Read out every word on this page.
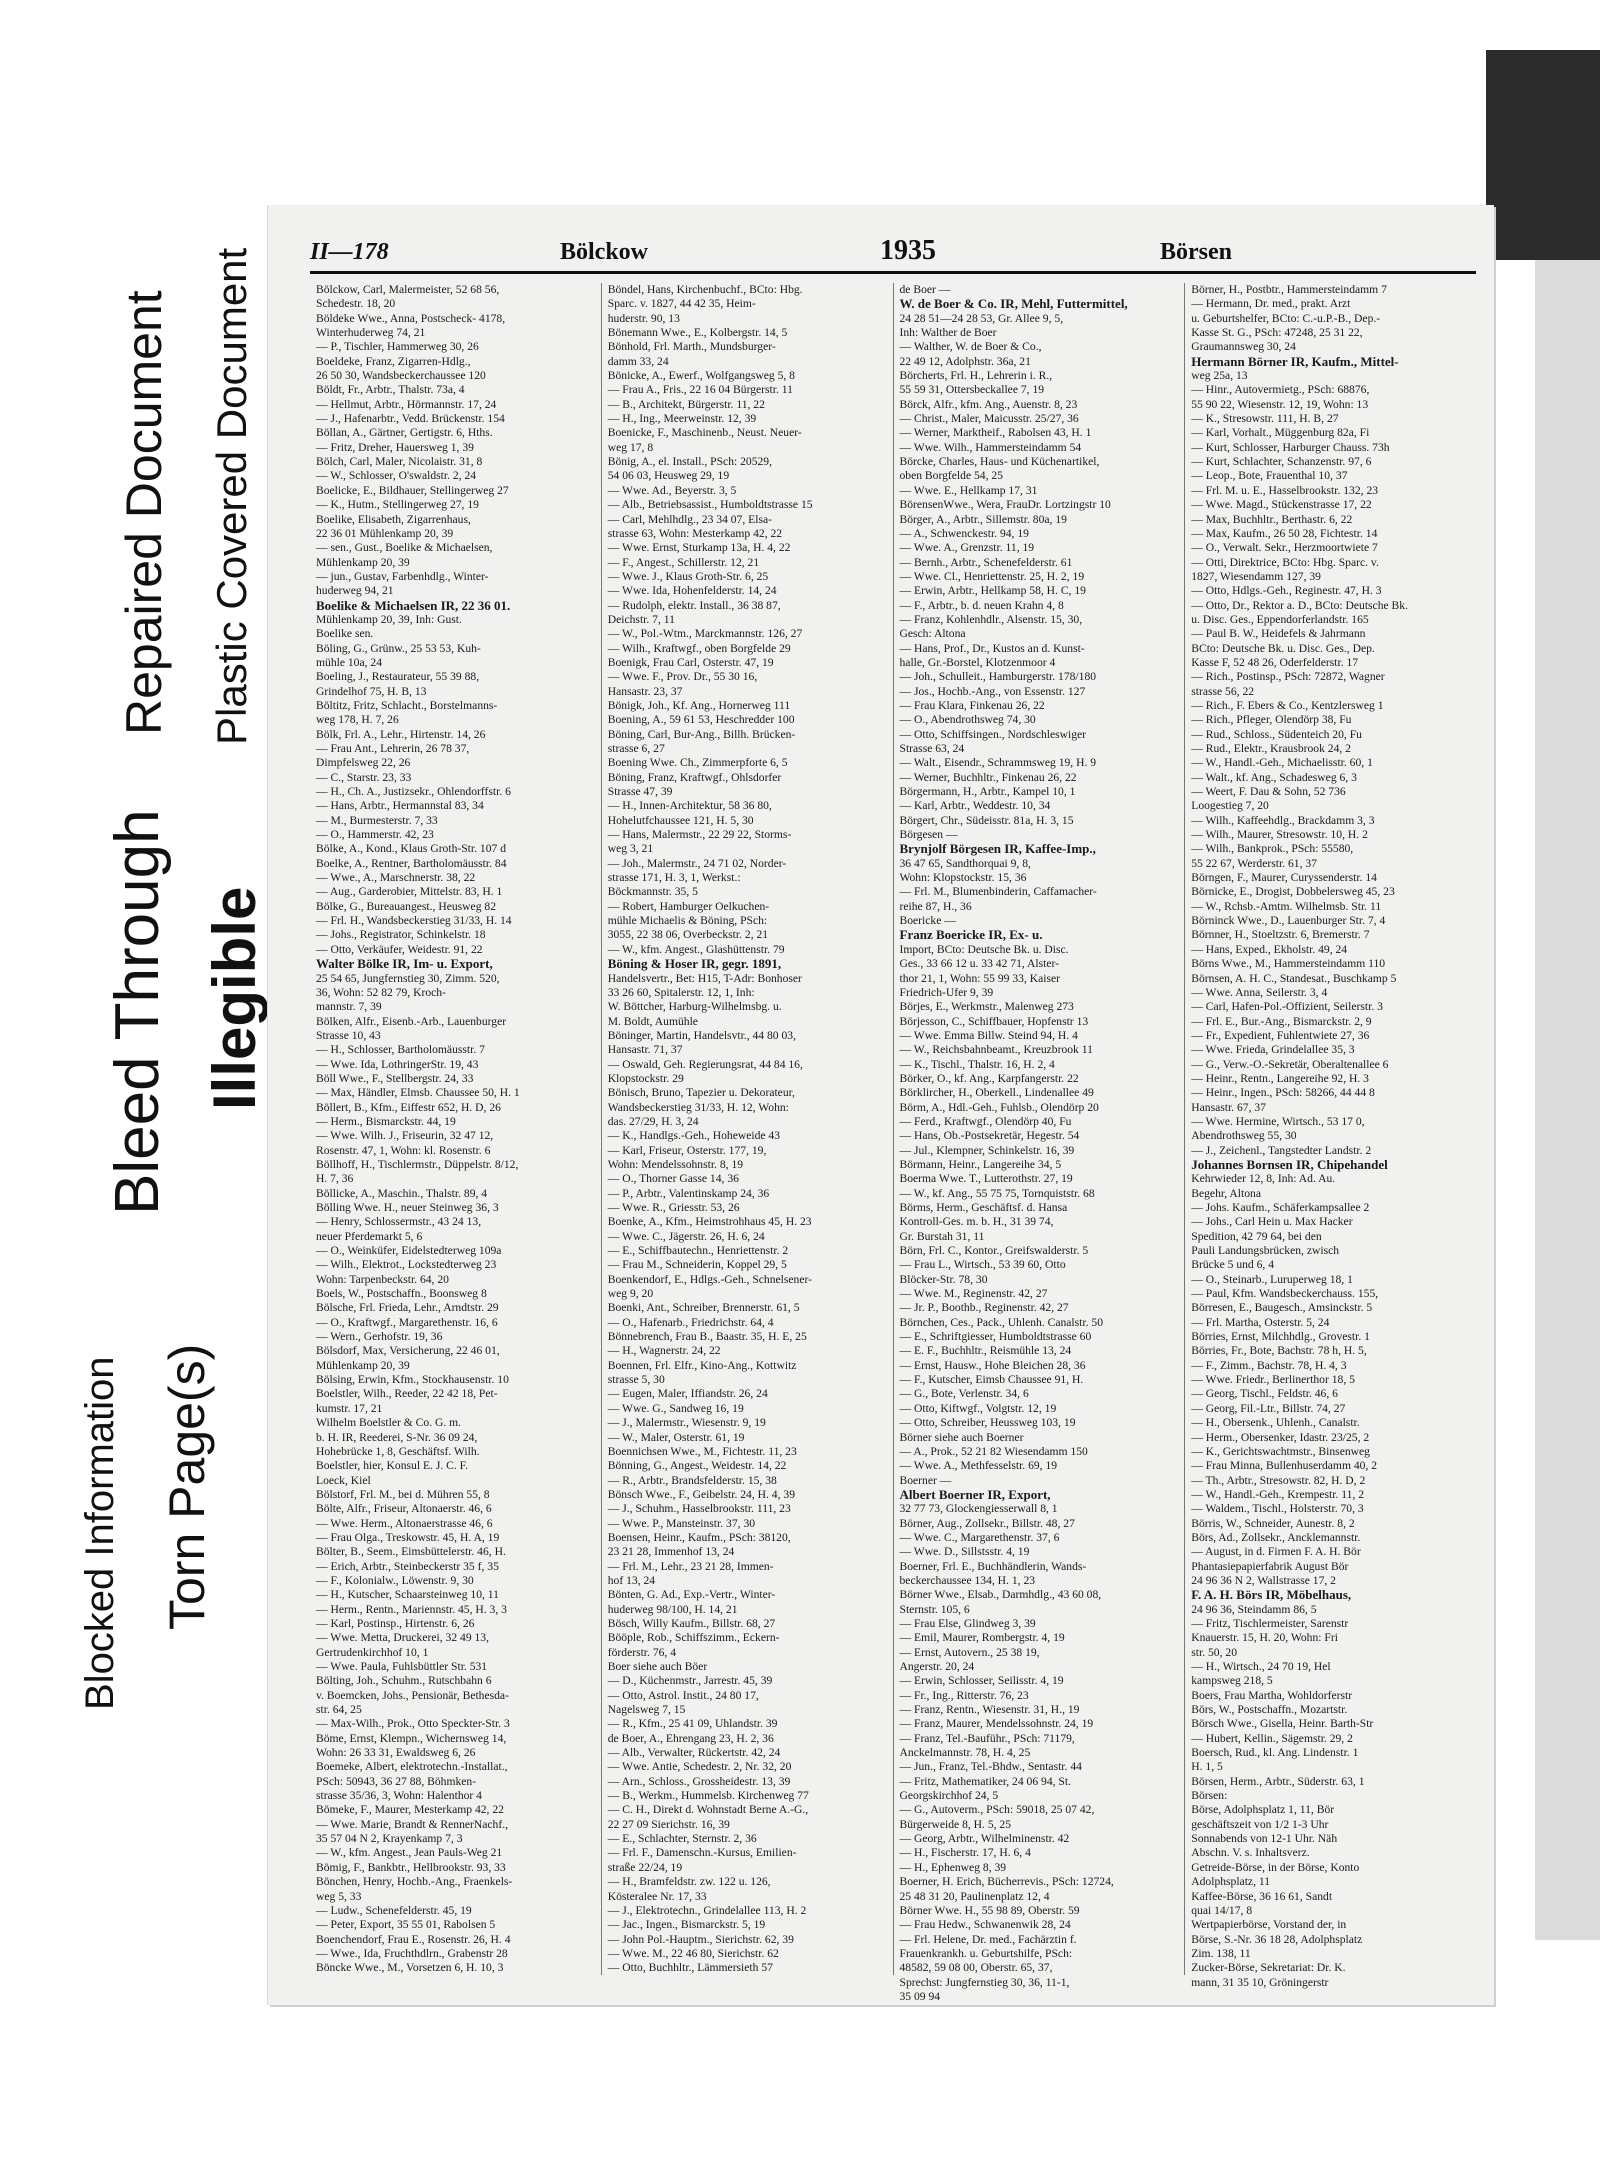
Blocked Information Torn Page(s)
Bleed Through Illegible
Repaired Document Plastic Covered Document II—178	Bölckow	1935	Börsen
Bölckow, Carl, Malermeister, 52 68 56,
Schedestr. 18, 20
Böldeke Wwe., Anna, Postscheck- 4178,
Winterhuderweg 74, 21
— P., Tischler, Hammerweg 30, 26
Boeldeke, Franz, Zigarren-Hdlg.,
26 50 30, Wandsbeckerchaussee 120
Böldt, Fr., Arbtr., Thalstr. 73a, 4
— Hellmut, Arbtr., Hörmannstr. 17, 24
— J., Hafenarbtr., Vedd. Brückenstr. 154
Böllan, A., Gärtner, Gertigstr. 6, Hths.
— Fritz, Dreher, Hauersweg 1, 39
Bölch, Carl, Maler, Nicolaistr. 31, 8
— W., Schlosser, O'swaldstr. 2, 24
Boelicke, E., Bildhauer, Stellingerweg 27
— K., Hutm., Stellingerweg 27, 19
Boelike, Elisabeth, Zigarrenhaus,
22 36 01 Mühlenkamp 20, 39
— sen., Gust., Boelike & Michaelsen,
Mühlenkamp 20, 39
— jun., Gustav, Farbenhdlg., Winter-
huderweg 94, 21
Boelike & Michaelsen IR, 22 36 01.
Mühlenkamp 20, 39, Inh: Gust.
Boelike sen.
Böling, G., Grünw., 25 53 53, Kuh-
mühle 10a, 24
Boeling, J., Restaurateur, 55 39 88,
Grindelhof 75, H. B, 13
Böltitz, Fritz, Schlacht., Borstelmanns-
weg 178, H. 7, 26
Bölk, Frl. A., Lehr., Hirtenstr. 14, 26
— Frau Ant., Lehrerin, 26 78 37,
Dimpfelsweg 22, 26
— C., Starstr. 23, 33
— H., Ch. A., Justizsekr., Ohlendorffstr. 6
— Hans, Arbtr., Hermannstal 83, 34
— M., Burmesterstr. 7, 33
— O., Hammerstr. 42, 23
Bölke, A., Kond., Klaus Groth-Str. 107 d
Boelke, A., Rentner, Bartholomäusstr. 84
— Wwe., A., Marschnerstr. 38, 22
— Aug., Garderobier, Mittelstr. 83, H. 1
Bölke, G., Bureauangest., Heusweg 82
— Frl. H., Wandsbeckerstieg 31/33, H. 14
— Johs., Registrator, Schinkelstr. 18
— Otto, Verkäufer, Weidestr. 91, 22
Walter Bölke IR, Im- u. Export,
25 54 65, Jungfernstieg 30, Zimm. 520,
36, Wohn: 52 82 79, Kroch-
mannstr. 7, 39
Bölken, Alfr., Eisenb.-Arb., Lauenburger
Strasse 10, 43
— H., Schlosser, Bartholomäusstr. 7
— Wwe. Ida, LothringerStr. 19, 43
Böll Wwe., F., Stellbergstr. 24, 33
— Max, Händler, Elmsb. Chaussee 50, H. 1
Böllert, B., Kfm., Eiffestr 652, H. D, 26
— Herm., Bismarckstr. 44, 19
— Wwe. Wilh. J., Friseurin, 32 47 12,
Rosenstr. 47, 1, Wohn: kl. Rosenstr. 6
Böllhoff, H., Tischlermstr., Düppelstr. 8/12,
H. 7, 36
Böllicke, A., Maschin., Thalstr. 89, 4
Bölling Wwe. H., neuer Steinweg 36, 3
— Henry, Schlossermstr., 43 24 13,
neuer Pferdemarkt 5, 6
— O., Weinküfer, Eidelstedterweg 109a
— Wilh., Elektrot., Lockstedterweg 23
Wohn: Tarpenbeckstr. 64, 20
Boels, W., Postschaffn., Boonsweg 8
Bölsche, Frl. Frieda, Lehr., Arndtstr. 29
— O., Kraftwgf., Margarethenstr. 16, 6
— Wern., Gerhofstr. 19, 36
Bölsdorf, Max, Versicherung, 22 46 01,
Mühlenkamp 20, 39
Bölsing, Erwin, Kfm., Stockhausenstr. 10
Boelstler, Wilh., Reeder, 22 42 18, Pet-
kumstr. 17, 21
Wilhelm Boelstler & Co. G. m.
b. H. IR, Reederei, S-Nr. 36 09 24,
Hohebrücke 1, 8, Geschäftsf. Wilh.
Boelstler, hier, Konsul E. J. C. F.
Loeck, Kiel
Bölstorf, Frl. M., bei d. Mühren 55, 8
Bölte, Alfr., Friseur, Altonaerstr. 46, 6
— Wwe. Herm., Altonaerstrasse 46, 6
— Frau Olga., Treskowstr. 45, H. A, 19
Bölter, B., Seem., Eimsbüttelerstr. 46, H.
— Erich, Arbtr., Steinbeckerstr 35 f, 35
— F., Kolonialw., Löwenstr. 9, 30
— H., Kutscher, Schaarsteinweg 10, 11
— Herm., Rentn., Mariennstr. 45, H. 3, 3
— Karl, Postinsp., Hirtenstr. 6, 26
— Wwe. Metta, Druckerei, 32 49 13,
Gertrudenkirchhof 10, 1
— Wwe. Paula, Fuhlsbüttler Str. 531
Bölting, Joh., Schuhm., Rutschbahn 6
v. Boemcken, Johs., Pensionär, Bethesda-
str. 64, 25
— Max-Wilh., Prok., Otto Speckter-Str. 3
Böme, Ernst, Klempn., Wichernsweg 14,
Wohn: 26 33 31, Ewaldsweg 6, 26
Boemeke, Albert, elektrotechn.-Installat.,
PSch: 50943, 36 27 88, Böhmken-
strasse 35/36, 3, Wohn: Halenthor 4
Bömeke, F., Maurer, Mesterkamp 42, 22
— Wwe. Marie, Brandt & RennerNachf.,
35 57 04 N 2, Krayenkamp 7, 3
— W., kfm. Angest., Jean Pauls-Weg 21
Bömig, F., Bankbtr., Hellbrookstr. 93, 33
Bönchen, Henry, Hochb.-Ang., Fraenkels-
weg 5, 33
— Ludw., Schenefelderstr. 45, 19
— Peter, Export, 35 55 01, Rabolsen 5
Boenchendorf, Frau E., Rosenstr. 26, H. 4
— Wwe., Ida, Fruchthdlrn., Grabenstr 28
Böncke Wwe., M., Vorsetzen 6, H. 10, 3
Böndel, Hans, Kirchenbuchf., BCto: Hbg.
Sparc. v. 1827, 44 42 35, Heim-
huderstr. 90, 13
Bönemann Wwe., E., Kolbergstr. 14, 5
Bönhold, Frl. Marth., Mundsburger-
damm 33, 24
Bönicke, A., Ewerf., Wolfgangsweg 5, 8
— Frau A., Fris., 22 16 04 Bürgerstr. 11
— B., Architekt, Bürgerstr. 11, 22
— H., Ing., Meerweinstr. 12, 39
Boenicke, F., Maschinenb., Neust. Neuer-
weg 17, 8
Bönig, A., el. Install., PSch: 20529,
54 06 03, Heusweg 29, 19
— Wwe. Ad., Beyerstr. 3, 5
— Alb., Betriebsassist., Humboldtstrasse 15
— Carl, Mehlhdlg., 23 34 07, Elsa-
strasse 63, Wohn: Mesterkamp 42, 22
— Wwe. Ernst, Sturkamp 13a, H. 4, 22
— F., Angest., Schillerstr. 12, 21
— Wwe. J., Klaus Groth-Str. 6, 25
— Wwe. Ida, Hohenfelderstr. 14, 24
— Rudolph, elektr. Install., 36 38 87,
Deichstr. 7, 11
— W., Pol.-Wtm., Marckmannstr. 126, 27
— Wilh., Kraftwgf., oben Borgfelde 29
Boenigk, Frau Carl, Osterstr. 47, 19
— Wwe. F., Prov. Dr., 55 30 16,
Hansastr. 23, 37
Bönigk, Joh., Kf. Ang., Hornerweg 111
Boening, A., 59 61 53, Heschredder 100
Böning, Carl, Bur-Ang., Billh. Brücken-
strasse 6, 27
Boening Wwe. Ch., Zimmerpforte 6, 5
Böning, Franz, Kraftwgf., Ohlsdorfer
Strasse 47, 39
— H., Innen-Architektur, 58 36 80,
Hohelutfchaussee 121, H. 5, 30
— Hans, Malermstr., 22 29 22, Storms-
weg 3, 21
— Joh., Malermstr., 24 71 02, Norder-
strasse 171, H. 3, 1, Werkst.:
Böckmannstr. 35, 5
— Robert, Hamburger Oelkuchen-
mühle Michaelis & Böning, PSch:
3055, 22 38 06, Overbeckstr. 2, 21
— W., kfm. Angest., Glashüttenstr. 79
Böning & Hoser IR, gegr. 1891,
Handelsvertr., Bet: H15, T-Adr: Bonhoser
33 26 60, Spitalerstr. 12, 1, Inh:
W. Böttcher, Harburg-Wilhelmsbg. u.
M. Boldt, Aumühle
Böninger, Martin, Handelsvtr., 44 80 03,
Hansastr. 71, 37
— Oswald, Geh. Regierungsrat, 44 84 16,
Klopstockstr. 29
Bönisch, Bruno, Tapezier u. Dekorateur,
Wandsbeckerstieg 31/33, H. 12, Wohn:
das. 27/29, H. 3, 24
— K., Handlgs.-Geh., Hoheweide 43
— Karl, Friseur, Osterstr. 177, 19,
Wohn: Mendelssohnstr. 8, 19
— O., Thorner Gasse 14, 36
— P., Arbtr., Valentinskamp 24, 36
— Wwe. R., Griesstr. 53, 26
Boenke, A., Kfm., Heimstrohhaus 45, H. 23
— Wwe. C., Jägerstr. 26, H. 6, 24
— E., Schiffbautechn., Henriettenstr. 2
— Frau M., Schneiderin, Koppel 29, 5
Boenkendorf, E., Hdlgs.-Geh., Schnelsener-
weg 9, 20
Boenki, Ant., Schreiber, Brennerstr. 61, 5
— O., Hafenarb., Friedrichstr. 64, 4
Bönnebrench, Frau B., Baastr. 35, H. E, 25
— H., Wagnerstr. 24, 22
Boennen, Frl. Elfr., Kino-Ang., Kottwitz
strasse 5, 30
— Eugen, Maler, Iffiandstr. 26, 24
— Wwe. G., Sandweg 16, 19
— J., Malermstr., Wiesenstr. 9, 19
— W., Maler, Osterstr. 61, 19
Boennichsen Wwe., M., Fichtestr. 11, 23
Bönning, G., Angest., Weidestr. 14, 22
— R., Arbtr., Brandsfelderstr. 15, 38
Bönsch Wwe., F., Geibelstr. 24, H. 4, 39
— J., Schuhm., Hasselbrookstr. 111, 23
— Wwe. P., Mansteinstr. 37, 30
Boensen, Heinr., Kaufm., PSch: 38120,
23 21 28, Immenhof 13, 24
— Frl. M., Lehr., 23 21 28, Immen-
hof 13, 24
Bönten, G. Ad., Exp.-Vertr., Winter-
huderweg 98/100, H. 14, 21
Bösch, Willy Kaufm., Billstr. 68, 27
Bööple, Rob., Schiffszimm., Eckern-
förderstr. 76, 4
Boer siehe auch Böer
— D., Küchenmstr., Jarrestr. 45, 39
— Otto, Astrol. Instit., 24 80 17,
Nagelsweg 7, 15
— R., Kfm., 25 41 09, Uhlandstr. 39
de Boer, A., Ehrengang 23, H. 2, 36
— Alb., Verwalter, Rückertstr. 42, 24
— Wwe. Antie, Schedestr. 2, Nr. 32, 20
— Arn., Schloss., Grossheidestr. 13, 39
— B., Werkm., Hummelsb. Kirchenweg 77
— C. H., Direkt d. Wohnstadt Berne A.-G.,
22 27 09 Sierichstr. 16, 39
— E., Schlachter, Sternstr. 2, 36
— Frl. F., Damenschn.-Kursus, Emilien-
straße 22/24, 19
— H., Bramfeldstr. zw. 122 u. 126,
Kösteralee Nr. 17, 33
— J., Elektrotechn., Grindelallee 113, H. 2
— Jac., Ingen., Bismarckstr. 5, 19
— John Pol.-Hauptm., Sierichstr. 62, 39
— Wwe. M., 22 46 80, Sierichstr. 62
— Otto, Buchhltr., Lämmersieth 57
de Boer —
W. de Boer & Co. IR, Mehl, Futtermittel,
24 28 51—24 28 53, Gr. Allee 9, 5,
Inh: Walther de Boer
— Walther, W. de Boer & Co.,
22 49 12, Adolphstr. 36a, 21
Börcherts, Frl. H., Lehrerin i. R.,
55 59 31, Ottersbeckallee 7, 19
Börck, Alfr., kfm. Ang., Auenstr. 8, 23
— Christ., Maler, Maicusstr. 25/27, 36
— Werner, Marktheif., Rabolsen 43, H. 1
— Wwe. Wilh., Hammersteindamm 54
Börcke, Charles, Haus- und Küchenartikel,
oben Borgfelde 54, 25
— Wwe. E., Hellkamp 17, 31
BörensenWwe., Wera, FrauDr. Lortzingstr 10
Börger, A., Arbtr., Sillemstr. 80a, 19
— A., Schwenckestr. 94, 19
— Wwe. A., Grenzstr. 11, 19
— Bernh., Arbtr., Schenefelderstr. 61
— Wwe. Cl., Henriettenstr. 25, H. 2, 19
— Erwin, Arbtr., Hellkamp 58, H. C, 19
— F., Arbtr., b. d. neuen Krahn 4, 8
— Franz, Kohlenhdlr., Alsenstr. 15, 30,
Gesch: Altona
— Hans, Prof., Dr., Kustos an d. Kunst-
halle, Gr.-Borstel, Klotzenmoor 4
— Joh., Schulleit., Hamburgerstr. 178/180
— Jos., Hochb.-Ang., von Essenstr. 127
— Frau Klara, Finkenau 26, 22
— O., Abendrothsweg 74, 30
— Otto, Schiffsingen., Nordschleswiger
Strasse 63, 24
— Walt., Eisendr., Schrammsweg 19, H. 9
— Werner, Buchhltr., Finkenau 26, 22
Börgermann, H., Arbtr., Kampel 10, 1
— Karl, Arbtr., Weddestr. 10, 34
Börgert, Chr., Südeisstr. 81a, H. 3, 15
Börgesen —
Brynjolf Börgesen IR, Kaffee-Imp.,
36 47 65, Sandthorquai 9, 8,
Wohn: Klopstockstr. 15, 36
— Frl. M., Blumenbinderin, Caffamacher-
reihe 87, H., 36
Boericke —
Franz Boericke IR, Ex- u.
Import, BCto: Deutsche Bk. u. Disc.
Ges., 33 66 12 u. 33 42 71, Alster-
thor 21, 1, Wohn: 55 99 33, Kaiser
Friedrich-Ufer 9, 39
Börjes, E., Werkmstr., Malenweg 273
Börjesson, C., Schiffbauer, Hopfenstr 13
— Wwe. Emma Billw. Steind 94, H. 4
— W., Reichsbahnbeamt., Kreuzbrook 11
— K., Tischl., Thalstr. 16, H. 2, 4
Börker, O., kf. Ang., Karpfangerstr. 22
Börklircher, H., Oberkell., Lindenallee 49
Börm, A., Hdl.-Geh., Fuhlsb., Olendörp 20
— Ferd., Kraftwgf., Olendörp 40, Fu
— Hans, Ob.-Postsekretär, Hegestr. 54
— Jul., Klempner, Schinkelstr. 16, 39
Börmann, Heinr., Langereihe 34, 5
Boerma Wwe. T., Lutterothstr. 27, 19
— W., kf. Ang., 55 75 75, Tornquiststr. 68
Börms, Herm., Geschäftsf. d. Hansa
Kontroll-Ges. m. b. H., 31 39 74,
Gr. Burstah 31, 11
Börn, Frl. C., Kontor., Greifswalderstr. 5
— Frau L., Wirtsch., 53 39 60, Otto
Blöcker-Str. 78, 30
— Wwe. M., Reginenstr. 42, 27
— Jr. P., Boothb., Reginenstr. 42, 27
Börnchen, Ces., Pack., Uhlenh. Canalstr. 50
— E., Schriftgiesser, Humboldtstrasse 60
— E. F., Buchhltr., Reismühle 13, 24
— Ernst, Hausw., Hohe Bleichen 28, 36
— F., Kutscher, Eimsb Chaussee 91, H.
— G., Bote, Verlenstr. 34, 6
— Otto, Kiftwgf., Volgtstr. 12, 19
— Otto, Schreiber, Heussweg 103, 19
Börner siehe auch Boerner
— A., Prok., 52 21 82 Wiesendamm 150
— Wwe. A., Methfesselstr. 69, 19
Boerner —
Albert Boerner IR, Export,
32 77 73, Glockengiesserwall 8, 1
Börner, Aug., Zollsekr., Billstr. 48, 27
— Wwe. C., Margarethenstr. 37, 6
— Wwe. D., Sillstsstr. 4, 19
Boerner, Frl. E., Buchhändlerin, Wands-
beckerchaussee 134, H. 1, 23
Börner Wwe., Elsab., Darmhdlg., 43 60 08,
Sternstr. 105, 6
— Frau Else, Glindweg 3, 39
— Emil, Maurer, Rombergstr. 4, 19
— Ernst, Autovern., 25 38 19,
Angerstr. 20, 24
— Erwin, Schlosser, Seilisstr. 4, 19
— Fr., Ing., Ritterstr. 76, 23
— Franz, Rentn., Wiesenstr. 31, H., 19
— Franz, Maurer, Mendelssohnstr. 24, 19
— Franz, Tel.-Bauführ., PSch: 71179,
Anckelmannstr. 78, H. 4, 25
— Jun., Franz, Tel.-Bhdw., Sentastr. 44
— Fritz, Mathematiker, 24 06 94, St.
Georgskirchhof 24, 5
— G., Autoverm., PSch: 59018, 25 07 42,
Bürgerweide 8, H. 5, 25
— Georg, Arbtr., Wilhelminenstr. 42
— H., Fischerstr. 17, H. 6, 4
— H., Ephenweg 8, 39
Boerner, H. Erich, Bücherrevis., PSch: 12724,
25 48 31 20, Paulinenplatz 12, 4
Börner Wwe. H., 55 98 89, Oberstr. 59
— Frau Hedw., Schwanenwik 28, 24
— Frl. Helene, Dr. med., Fachärztin f.
Frauenkrankh. u. Geburtshilfe, PSch:
48582, 59 08 00, Oberstr. 65, 37,
Sprechst: Jungfernstieg 30, 36, 11-1,
35 09 94
Börner, H., Postbtr., Hammersteindamm 7
— Hermann, Dr. med., prakt. Arzt
u. Geburtshelfer, BCto: C.-u.P.-B., Dep.-
Kasse St. G., PSch: 47248, 25 31 22,
Graumannsweg 30, 24
Hermann Börner IR, Kaufm., Mittel-
weg 25a, 13
— Hinr., Autovermietg., PSch: 68876,
55 90 22, Wiesenstr. 12, 19, Wohn: 13
— K., Stresowstr. 111, H. B, 27
— Karl, Vorhalt., Müggenburg 82a, Fi
— Kurt, Schlosser, Harburger Chauss. 73h
— Kurt, Schlachter, Schanzenstr. 97, 6
— Leop., Bote, Frauenthal 10, 37
— Frl. M. u. E., Hasselbrookstr. 132, 23
— Wwe. Magd., Stückenstrasse 17, 22
— Max, Buchhltr., Berthastr. 6, 22
— Max, Kaufm., 26 50 28, Fichtestr. 14
— O., Verwalt. Sekr., Herzmoortwiete 7
— Otti, Direktrice, BCto: Hbg. Sparc. v.
1827, Wiesendamm 127, 39
— Otto, Hdlgs.-Geh., Reginestr. 47, H. 3
— Otto, Dr., Rektor a. D., BCto: Deutsche Bk.
u. Disc. Ges., Eppendorferlandstr. 165
— Paul B. W., Heidefels & Jahrmann
BCto: Deutsche Bk. u. Disc. Ges., Dep.
Kasse F, 52 48 26, Oderfelderstr. 17
— Rich., Postinsp., PSch: 72872, Wagner
strasse 56, 22
— Rich., F. Ebers & Co., Kentzlersweg 1
— Rich., Pfleger, Olendörp 38, Fu
— Rud., Schloss., Südenteich 20, Fu
— Rud., Elektr., Krausbrook 24, 2
— W., Handl.-Geh., Michaelisstr. 60, 1
— Walt., kf. Ang., Schadesweg 6, 3
— Weert, F. Dau & Sohn, 52 736
Loogestieg 7, 20
— Wilh., Kaffeehdlg., Brackdamm 3, 3
— Wilh., Maurer, Stresowstr. 10, H. 2
— Wilh., Bankprok., PSch: 55580,
55 22 67, Werderstr. 61, 37
Börngen, F., Maurer, Curyssenderstr. 14
Börnicke, E., Drogist, Dobbelersweg 45, 23
— W., Rchsb.-Amtm. Wilhelmsb. Str. 11
Börninck Wwe., D., Lauenburger Str. 7, 4
Börnner, H., Stoeltzstr. 6, Bremerstr. 7
— Hans, Exped., Ekholstr. 49, 24
Börns Wwe., M., Hammersteindamm 110
Börnsen, A. H. C., Standesat., Buschkamp 5
— Wwe. Anna, Seilerstr. 3, 4
— Carl, Hafen-Pol.-Offizient, Seilerstr. 3
— Frl. E., Bur.-Ang., Bismarckstr. 2, 9
— Fr., Expedient, Fuhlentwiete 27, 36
— Wwe. Frieda, Grindelallee 35, 3
— G., Verw.-O.-Sekretär, Oberaltenallee 6
— Heinr., Rentn., Langereihe 92, H. 3
— Heinr., Ingen., PSch: 58266, 44 44 8
Hansastr. 67, 37
— Wwe. Hermine, Wirtsch., 53 17 0,
Abendrothsweg 55, 30
— J., Zeichenl., Tangstedter Landstr. 2
Johannes Bornsen IR, Chipehandel
Kehrwieder 12, 8, Inh: Ad. Au.
Begehr, Altona
— Johs. Kaufm., Schäferkampsallee 2
— Johs., Carl Hein u. Max Hacker
Spedition, 42 79 64, bei den
Pauli Landungsbrücken, zwisch
Brücke 5 und 6, 4
— O., Steinarb., Luruperweg 18, 1
— Paul, Kfm. Wandsbeckerchauss. 155,
Börresen, E., Baugesch., Amsinckstr. 5
— Frl. Martha, Osterstr. 5, 24
Börries, Ernst, Milchhdlg., Grovestr. 1
Börries, Fr., Bote, Bachstr. 78 h, H. 5,
— F., Zimm., Bachstr. 78, H. 4, 3
— Wwe. Friedr., Berlinerthor 18, 5
— Georg, Tischl., Feldstr. 46, 6
— Georg, Fil.-Ltr., Billstr. 74, 27
— H., Obersenk., Uhlenh., Canalstr.
— Herm., Obersenker, Idastr. 23/25, 2
— K., Gerichtswachtmstr., Binsenweg
— Frau Minna, Bullenhuserdamm 40, 2
— Th., Arbtr., Stresowstr. 82, H. D, 2
— W., Handl.-Geh., Krempestr. 11, 2
— Waldem., Tischl., Holsterstr. 70, 3
Börris, W., Schneider, Aunestr. 8, 2
Börs, Ad., Zollsekr., Ancklemannstr.
— August, in d. Firmen F. A. H. Bör
Phantasiepapierfabrik August Bör
24 96 36 N 2, Wallstrasse 17, 2
F. A. H. Börs IR, Möbelhaus,
24 96 36, Steindamm 86, 5
— Fritz, Tischlermeister, Sarenstr
Knauerstr. 15, H. 20, Wohn: Fri
str. 50, 20
— H., Wirtsch., 24 70 19, Hel
kampsweg 218, 5
Boers, Frau Martha, Wohldorferstr
Börs, W., Postschaffn., Mozartstr.
Börsch Wwe., Gisella, Heinr. Barth-Str
— Hubert, Kellin., Sägemstr. 29, 2
Boersch, Rud., kl. Ang. Lindenstr. 1
H. 1, 5
Börsen, Herm., Arbtr., Süderstr. 63, 1
Börsen:
Börse, Adolphsplatz 1, 11, Bör
geschäftszeit von 1/2 1-3 Uhr
Sonnabends von 12-1 Uhr. Näh
Abschn. V. s. Inhaltsverz.
Getreide-Börse, in der Börse, Konto
Adolphsplatz, 11
Kaffee-Börse, 36 16 61, Sandt
quai 14/17, 8
Wertpapierbörse, Vorstand der, in
Börse, S.-Nr. 36 18 28, Adolphsplatz
Zim. 138, 11
Zucker-Börse, Sekretariat: Dr. K.
mann, 31 35 10, Gröningerstr
